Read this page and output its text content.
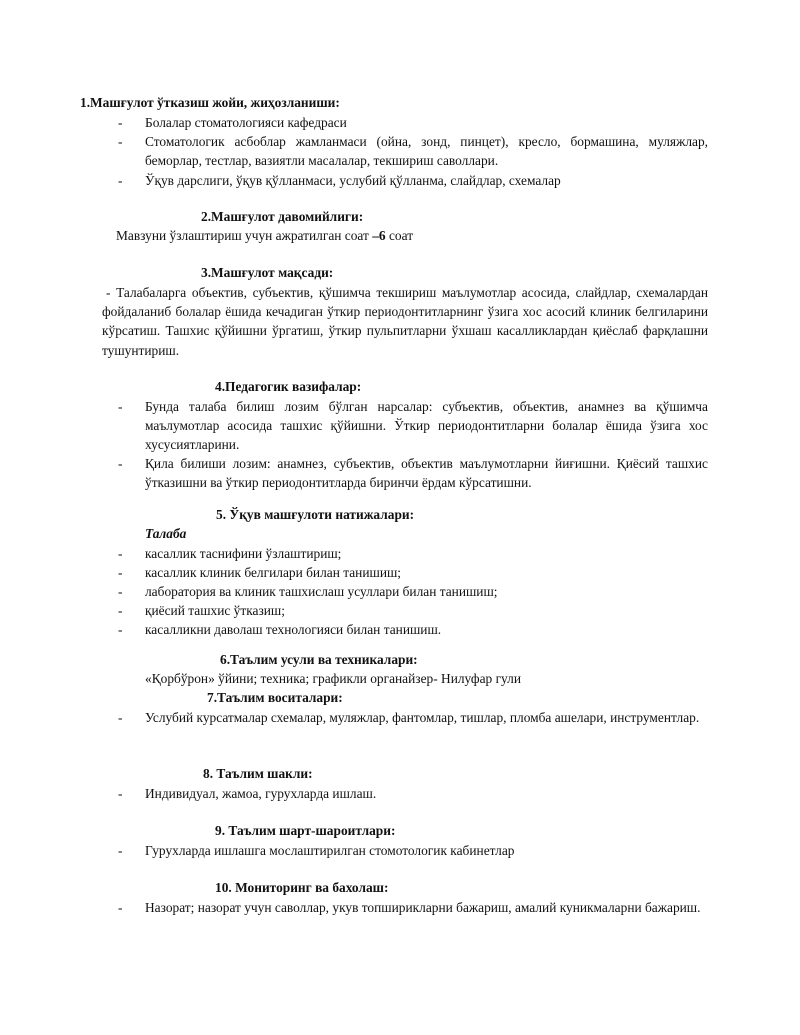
1.Машғулот ўтказиш жойи, жиҳозланиши:
-	Болалар стоматологияси кафедраси
-	Стоматологик асбоблар жамланмаси (ойна, зонд, пинцет), кресло, бормашина, муляжлар, беморлар, тестлар, вазиятли масалалар, текшириш саволлари.
-	Ўқув дарслиги, ўқув қўлланмаси, услубий қўлланма, слайдлар, схемалар
2.Машғулот давомийлиги:
Мавзуни ўзлаштириш учун ажратилган соат –6 соат
3.Машғулот мақсади:
- Талабаларга объектив, субъектив, қўшимча текшириш маълумотлар асосида, слайдлар, схемалардан фойдаланиб болалар ёшида кечадиган ўткир периодонтитларнинг ўзига хос асосий клиник белгиларини кўрсатиш. Ташхис қўйишни ўргатиш, ўткир пульпитларни ўхшаш касалликлардан қиёслаб фарқлашни тушунтириш.
4.Педагогик вазифалар:
-	Бунда талаба билиш лозим бўлган нарсалар: субъектив, объектив, анамнез ва қўшимча маълумотлар асосида ташхис қўйишни. Ўткир периодонтитларни болалар ёшида ўзига хос хусусиятларини.
-	Қила билиши лозим: анамнез, субъектив, объектив маълумотларни йиғишни. Қиёсий ташхис ўтказишни ва ўткир периодонтитларда биринчи ёрдам кўрсатишни.
5. Ўқув машғулоти натижалари:
Талаба
-	касаллик таснифини ўзлаштириш;
-	касаллик клиник белгилари билан танишиш;
-	лаборатория ва клиник ташхислаш усуллари билан танишиш;
-	қиёсий ташхис ўтказиш;
-	касалликни даволаш технологияси билан танишиш.
6.Таълим усули ва техникалари:
«Қорбўрон» ўйини; техника; графикли органайзер- Нилуфар гули
7.Таълим воситалари:
-	Услубий курсатмалар схемалар, муляжлар, фантомлар, тишлар, пломба ашелари, инструментлар.
8. Таълим шакли:
-	Индивидуал, жамоа, гурухларда ишлаш.
9. Таълим шарт-шароитлари:
-	Гурухларда ишлашга мослаштирилган стомотологик кабинетлар
10. Мониторинг ва бахолаш:
-	Назорат; назорат учун саволлар, укув топширикларни бажариш, амалий куникмаларни бажариш.
